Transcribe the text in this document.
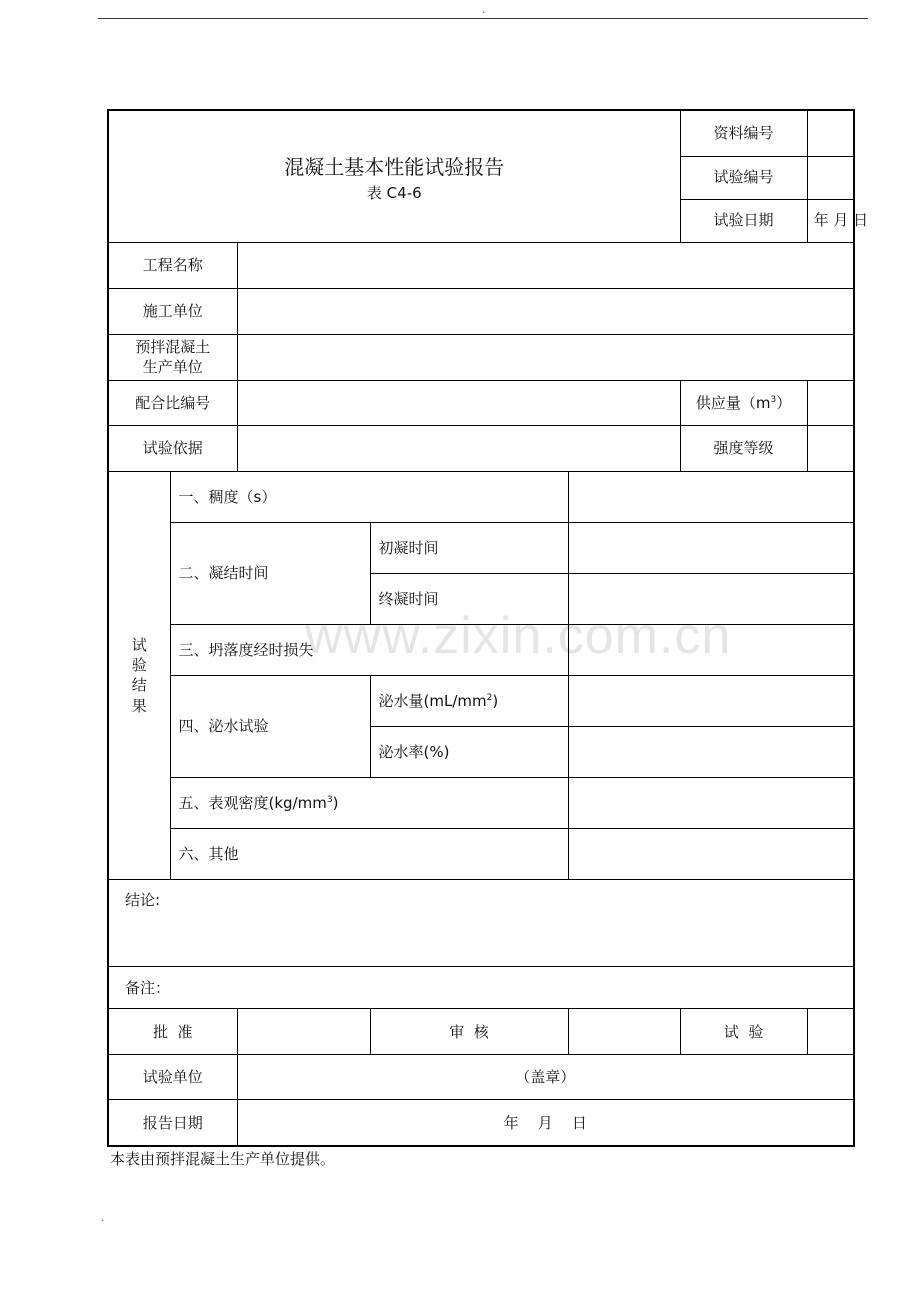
.
混凝土基本性能试验报告
表 C4-6					资料编号	
					试验编号	
					试验日期	年 月 日
工程名称						
施工单位						

预拌混凝土
生产单位						

配合比编号					供应量$(m^3)$	
试验依据					强度等级	

试
验
结
果	一、稠度（s）					
	二、凝结时间		初凝时间			
			终凝时间			
	三、坍落度经时损失					
	四、泌水试验		泌水量$(mL/mm^2)$			
			泌水率(%)			
	五、表观密度$(kg/mm^3)$					
	六、其他					
结论:						
备注：						
批  准			审  核		试  验	
试验单位		（盖章）				
报告日期		年    月    日				
www.zixin.com.cn
本表由预拌混凝土生产单位提供。
.
